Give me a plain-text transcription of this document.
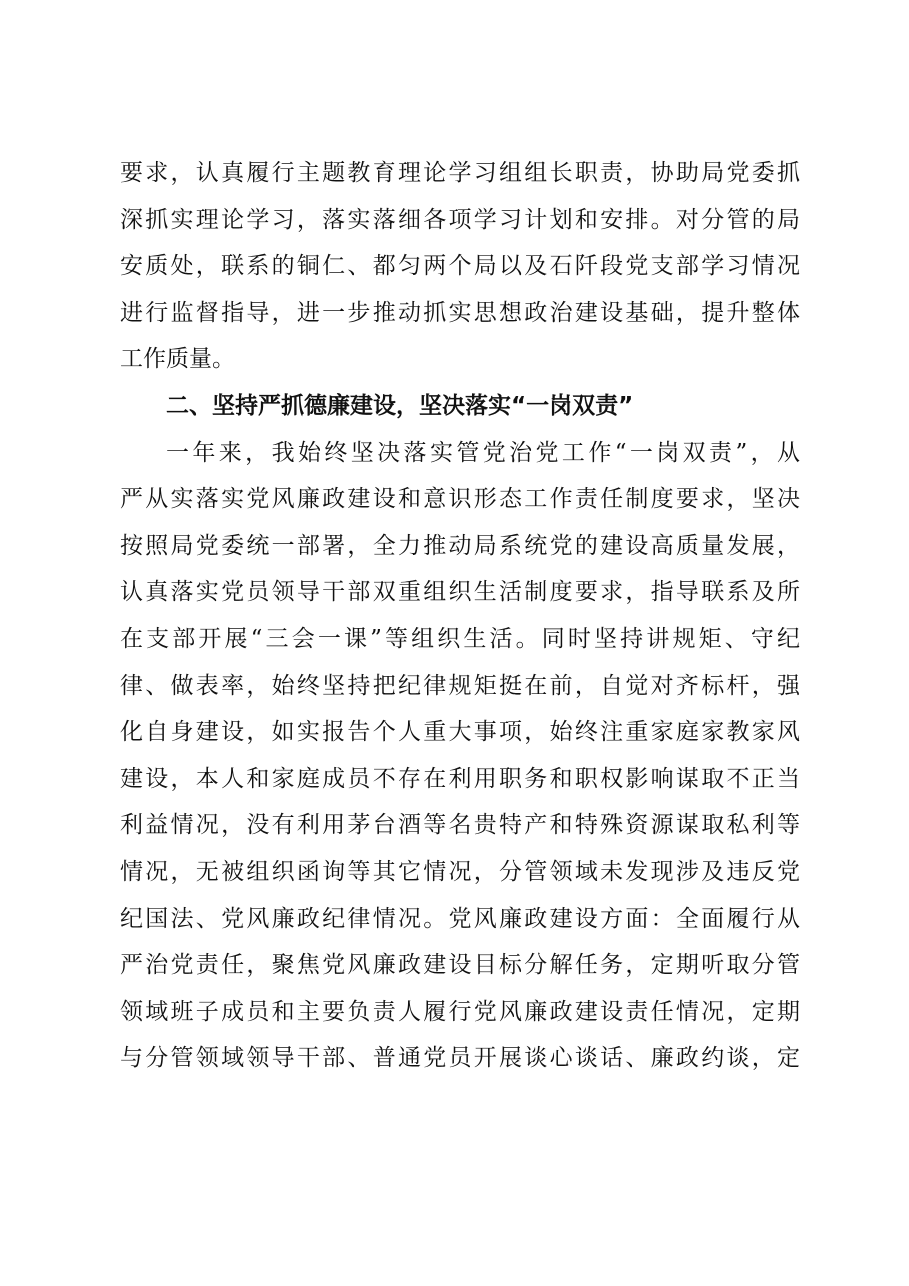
要求，认真履行主题教育理论学习组组长职责，协助局党委抓
深抓实理论学习，落实落细各项学习计划和安排。对分管的局
安质处，联系的铜仁、都匀两个局以及石阡段党支部学习情况
进行监督指导，进一步推动抓实思想政治建设基础，提升整体
工作质量。
二、坚持严抓德廉建设，坚决落实“一岗双责”
一年来，我始终坚决落实管党治党工作“一岗双责”，从
严从实落实党风廉政建设和意识形态工作责任制度要求，坚决
按照局党委统一部署，全力推动局系统党的建设高质量发展，
认真落实党员领导干部双重组织生活制度要求，指导联系及所
在支部开展“三会一课”等组织生活。同时坚持讲规矩、守纪
律、做表率，始终坚持把纪律规矩挺在前，自觉对齐标杆，强
化自身建设，如实报告个人重大事项，始终注重家庭家教家风
建设，本人和家庭成员不存在利用职务和职权影响谋取不正当
利益情况，没有利用茅台酒等名贵特产和特殊资源谋取私利等
情况，无被组织函询等其它情况，分管领域未发现涉及违反党
纪国法、党风廉政纪律情况。党风廉政建设方面：全面履行从
严治党责任，聚焦党风廉政建设目标分解任务，定期听取分管
领域班子成员和主要负责人履行党风廉政建设责任情况，定期
与分管领域领导干部、普通党员开展谈心谈话、廉政约谈，定
